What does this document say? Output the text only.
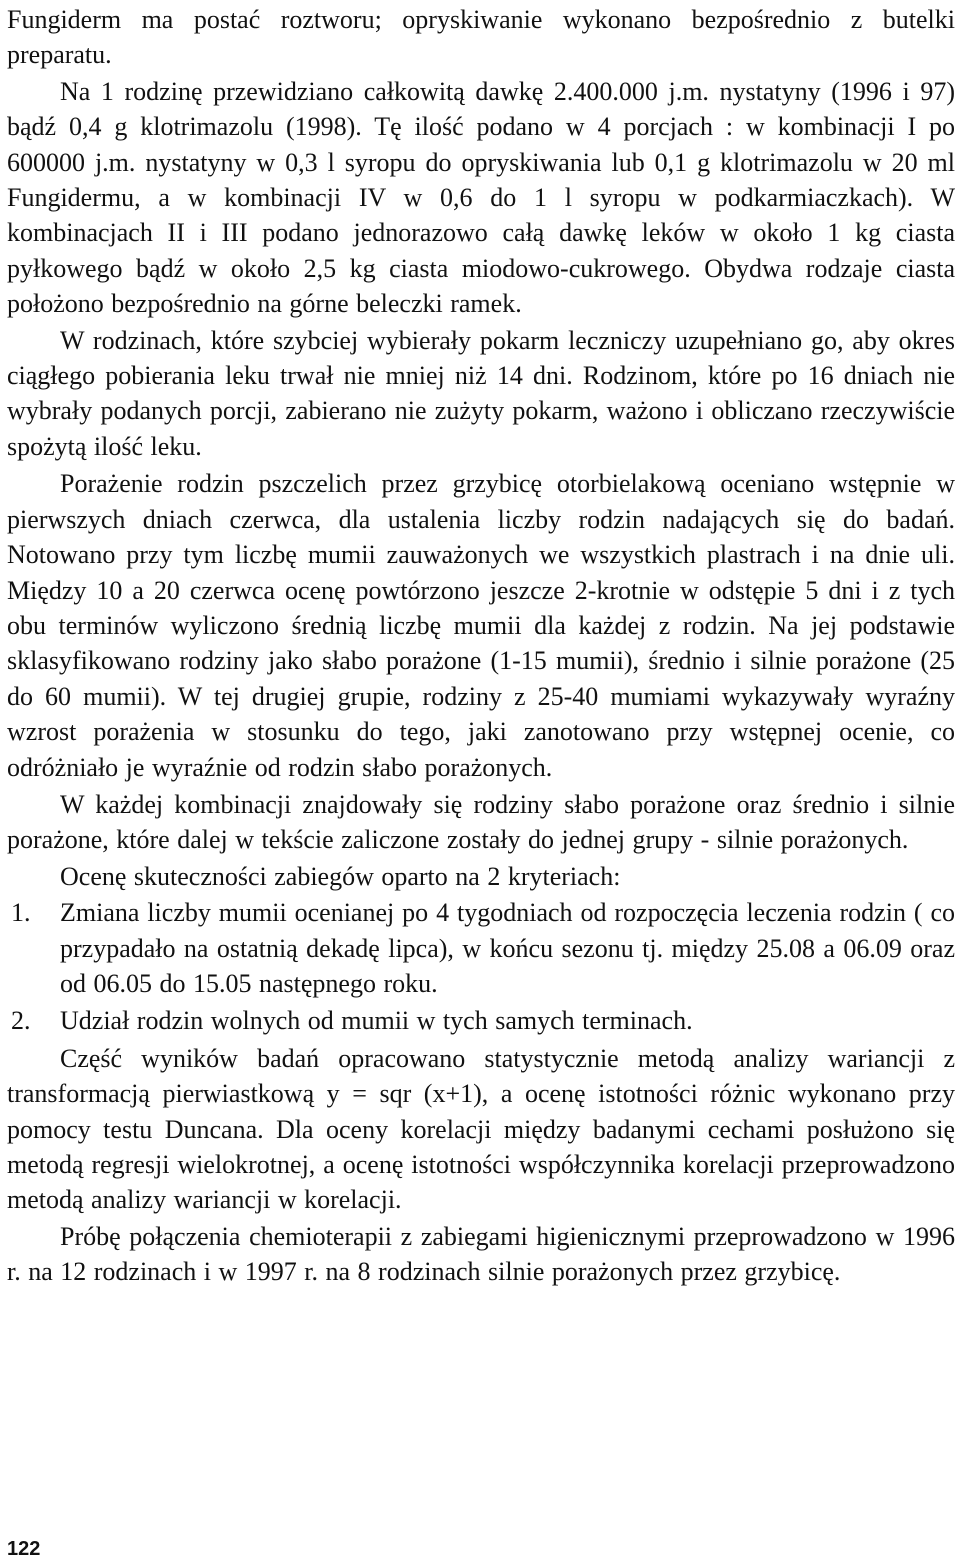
Fungiderm ma postać roztworu; opryskiwanie wykonano bezpośrednio z butelki preparatu.

Na 1 rodzinę przewidziano całkowitą dawkę 2.400.000 j.m. nystatyny (1996 i 97) bądź 0,4 g klotrimazolu (1998). Tę ilość podano w 4 porcjach : w kombinacji I po 600000 j.m. nystatyny w 0,3 l syropu do opryskiwania lub 0,1 g klotrimazolu w 20 ml Fungidermu, a w kombinacji IV w 0,6 do 1 l syropu w podkarmiaczkach). W kombinacjach II i III podano jednorazowo całą dawkę leków w około 1 kg ciasta pyłkowego bądź w około 2,5 kg ciasta miodowo-cukrowego. Obydwa rodzaje ciasta położono bezpośrednio na górne beleczki ramek.

W rodzinach, które szybciej wybierały pokarm leczniczy uzupełniano go, aby okres ciągłego pobierania leku trwał nie mniej niż 14 dni. Rodzinom, które po 16 dniach nie wybrały podanych porcji, zabierano nie zużyty pokarm, ważono i obliczano rzeczywiście spożytą ilość leku.

Porażenie rodzin pszczelich przez grzybicę otorbielakową oceniano wstępnie w pierwszych dniach czerwca, dla ustalenia liczby rodzin nadających się do badań. Notowano przy tym liczbę mumii zauważonych we wszystkich plastrach i na dnie uli. Między 10 a 20 czerwca ocenę powtórzono jeszcze 2-krotnie w odstępie 5 dni i z tych obu terminów wyliczono średnią liczbę mumii dla każdej z rodzin. Na jej podstawie sklasyfikowano rodziny jako słabo porażone (1-15 mumii), średnio i silnie porażone (25 do 60 mumii). W tej drugiej grupie, rodziny z 25-40 mumiami wykazywały wyraźny wzrost porażenia w stosunku do tego, jaki zanotowano przy wstępnej ocenie, co odróżniało je wyraźnie od rodzin słabo porażonych.

W każdej kombinacji znajdowały się rodziny słabo porażone oraz średnio i silnie porażone, które dalej w tekście zaliczone zostały do jednej grupy - silnie porażonych.

Ocenę skuteczności zabiegów oparto na 2 kryteriach:

1.	Zmiana liczby mumii ocenianej po 4 tygodniach od rozpoczęcia leczenia rodzin ( co przypadało na ostatnią dekadę lipca), w końcu sezonu tj. między 25.08 a 06.09 oraz od 06.05 do 15.05 następnego roku.

2.	Udział rodzin wolnych od mumii w tych samych terminach.

Część wyników badań opracowano statystycznie metodą analizy wariancji z transformacją pierwiastkową y = sqr (x+1), a ocenę istotności różnic wykonano przy pomocy testu Duncana. Dla oceny korelacji między badanymi cechami posłużono się metodą regresji wielokrotnej, a ocenę istotności współczynnika korelacji przeprowadzono metodą analizy wariancji w korelacji.

Próbę połączenia chemioterapii z zabiegami higienicznymi przeprowadzono w 1996 r. na 12 rodzinach i w 1997 r. na 8 rodzinach silnie porażonych przez grzybicę.

122
